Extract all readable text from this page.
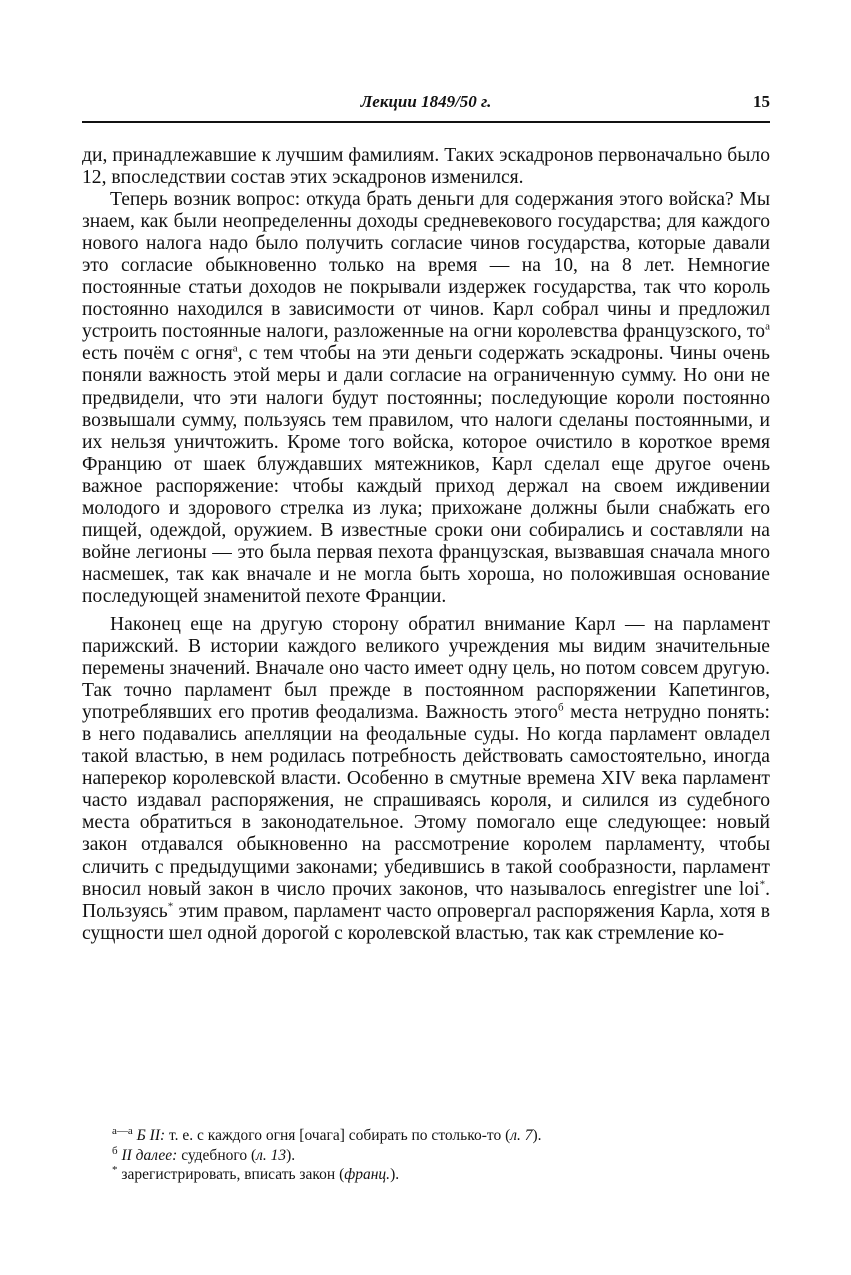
Лекции 1849/50 г.	15

ди, принадлежавшие к лучшим фамилиям. Таких эскадронов первоначально было 12, впоследствии состав этих эскадронов изменился.

Теперь возник вопрос: откуда брать деньги для содержания этого войска? Мы знаем, как были неопределенны доходы средневекового государства; для каждого нового налога надо было получить согласие чинов государства, которые давали это согласие обыкновенно только на время — на 10, на 8 лет. Немногие постоянные статьи доходов не покрывали издержек государства, так что король постоянно находился в зависимости от чинов. Карл собрал чины и предложил устроить постоянные налоги, разложенные на огни королевства французского, $то^а$ есть почём с огня$^а$, с тем чтобы на эти деньги содержать эскадроны. Чины очень поняли важность этой меры и дали согласие на ограниченную сумму. Но они не предвидели, что эти налоги будут постоянны; последующие короли постоянно возвышали сумму, пользуясь тем правилом, что налоги сделаны постоянными, и их нельзя уничтожить. Кроме того войска, которое очистило в короткое время Францию от шаек блуждавших мятежников, Карл сделал еще другое очень важное распоряжение: чтобы каждый приход держал на своем иждивении молодого и здорового стрелка из лука; прихожане должны были снабжать его пищей, одеждой, оружием. В известные сроки они собирались и составляли на войне легионы — это была первая пехота французская, вызвавшая сначала много насмешек, так как вначале и не могла быть хороша, но положившая основание последующей знаменитой пехоте Франции.

Наконец еще на другую сторону обратил внимание Карл — на парламент парижский. В истории каждого великого учреждения мы видим значительные перемены значений. Вначале оно часто имеет одну цель, но потом совсем другую. Так точно парламент был прежде в постоянном распоряжении Капетингов, употреблявших его против феодализма. Важность этого$^б$ места нетрудно понять: в него подавались апелляции на феодальные суды. Но когда парламент овладел такой властью, в нем родилась потребность действовать самостоятельно, иногда наперекор королевской власти. Особенно в смутные времена XIV века парламент часто издавал распоряжения, не спрашиваясь короля, и силился из судебного места обратиться в законодательное. Этому помогало еще следующее: новый закон отдавался обыкновенно на рассмотрение королем парламенту, чтобы сличить с предыдущими законами; убедившись в такой сообразности, парламент вносил новый закон в число прочих законов, что называлось enregistrer une loi*. Пользуясь* этим правом, парламент часто опровергал распоряжения Карла, хотя в сущности шел одной дорогой с королевской властью, так как стремление ко-

$^{а—а}$ Б II: т. е. с каждого огня [очага] собирать по столько-то (л. 7).

$^б$ II далее: судебного (л. 13).

* зарегистрировать, вписать закон (франц.).
